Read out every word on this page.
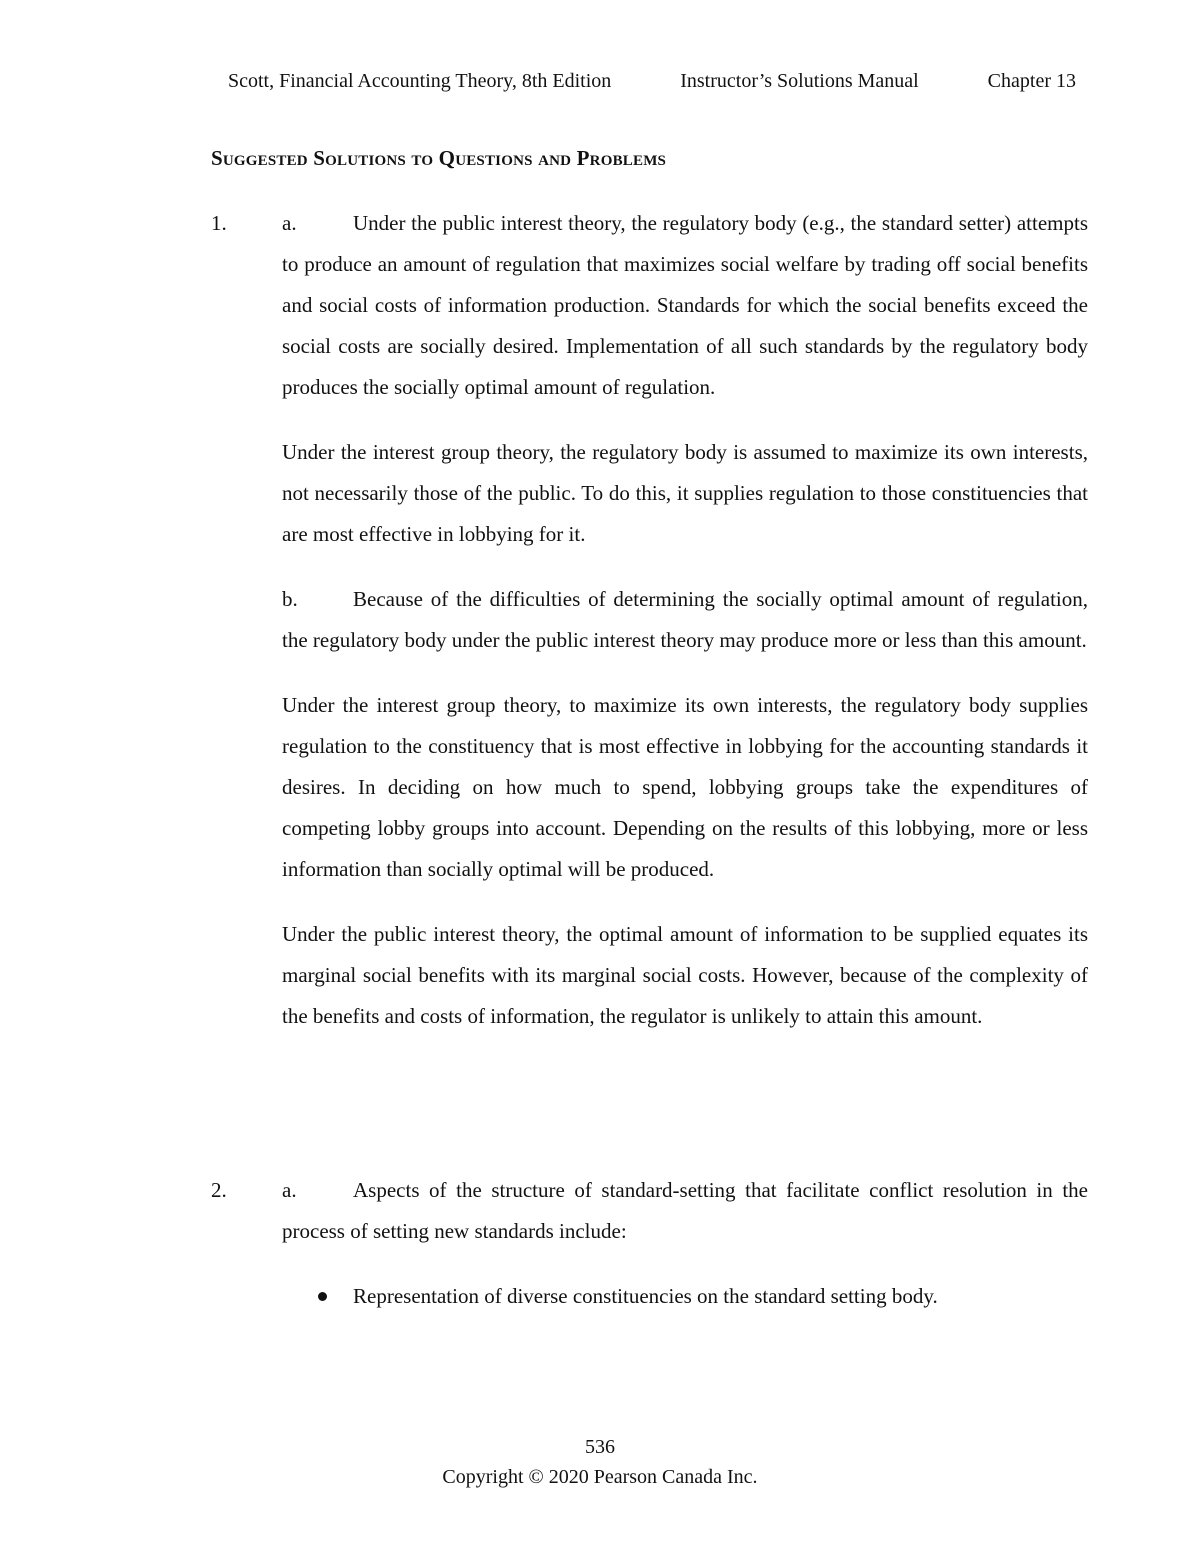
Scott, Financial Accounting Theory, 8th Edition	Instructor’s Solutions Manual	Chapter 13
Suggested Solutions to Questions and Problems
1.	a.	Under the public interest theory, the regulatory body (e.g., the standard setter) attempts to produce an amount of regulation that maximizes social welfare by trading off social benefits and social costs of information production. Standards for which the social benefits exceed the social costs are socially desired. Implementation of all such standards by the regulatory body produces the socially optimal amount of regulation.

Under the interest group theory, the regulatory body is assumed to maximize its own interests, not necessarily those of the public. To do this, it supplies regulation to those constituencies that are most effective in lobbying for it.

b.	Because of the difficulties of determining the socially optimal amount of regulation, the regulatory body under the public interest theory may produce more or less than this amount.

Under the interest group theory, to maximize its own interests, the regulatory body supplies regulation to the constituency that is most effective in lobbying for the accounting standards it desires. In deciding on how much to spend, lobbying groups take the expenditures of competing lobby groups into account. Depending on the results of this lobbying, more or less information than socially optimal will be produced.

Under the public interest theory, the optimal amount of information to be supplied equates its marginal social benefits with its marginal social costs. However, because of the complexity of the benefits and costs of information, the regulator is unlikely to attain this amount.

2.	a.	Aspects of the structure of standard-setting that facilitate conflict resolution in the process of setting new standards include:

Representation of diverse constituencies on the standard setting body.
536
Copyright © 2020 Pearson Canada Inc.
